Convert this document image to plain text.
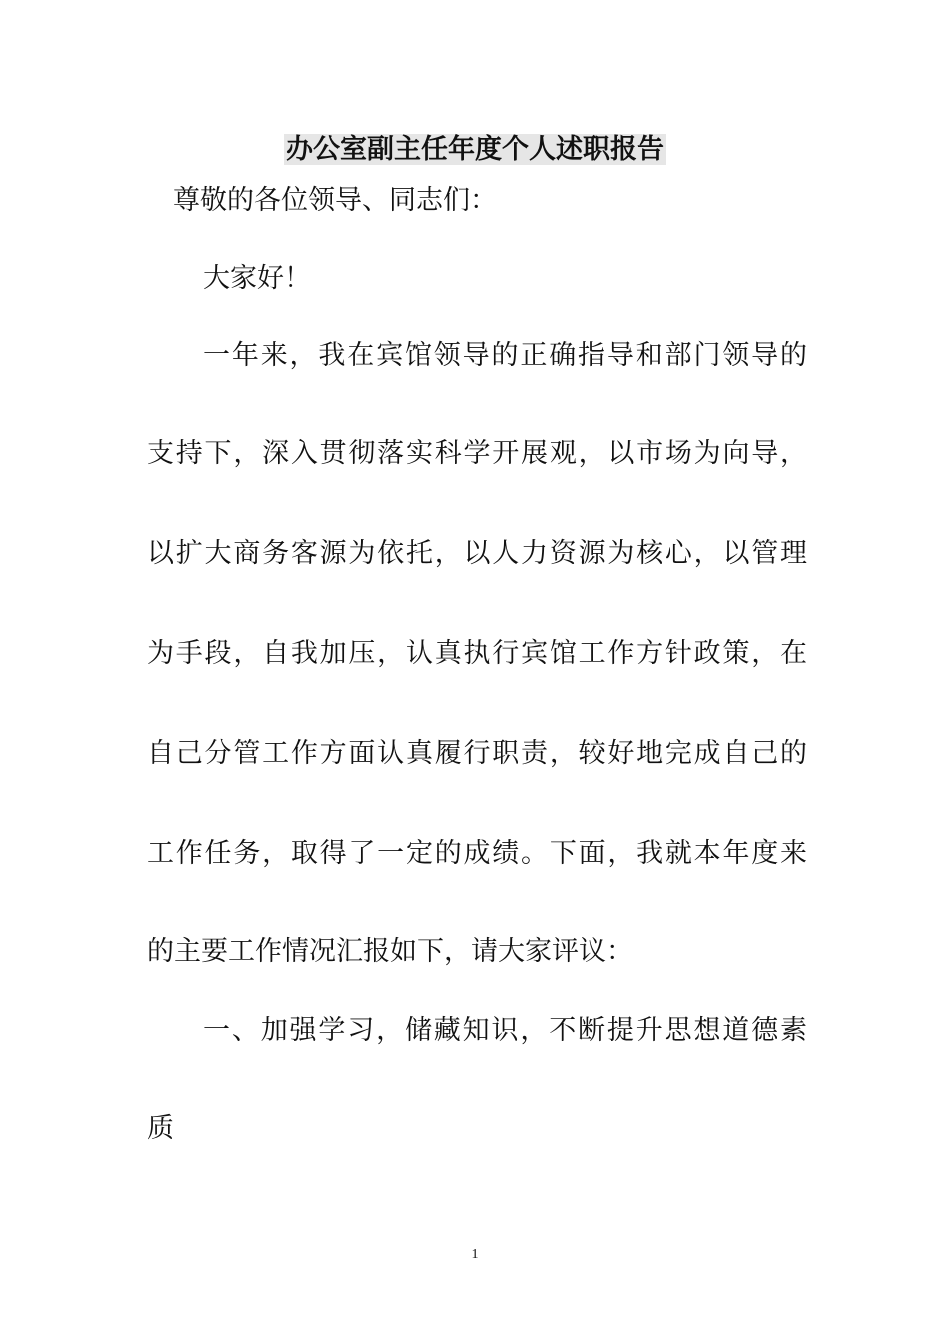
办公室副主任年度个人述职报告
尊敬的各位领导、同志们：
大家好！
一年来，我在宾馆领导的正确指导和部门领导的
支持下，深入贯彻落实科学开展观，以市场为向导，
以扩大商务客源为依托，以人力资源为核心，以管理
为手段，自我加压，认真执行宾馆工作方针政策，在
自己分管工作方面认真履行职责，较好地完成自己的
工作任务，取得了一定的成绩。下面，我就本年度来
的主要工作情况汇报如下，请大家评议：
一、加强学习，储藏知识，不断提升思想道德素
质
1
